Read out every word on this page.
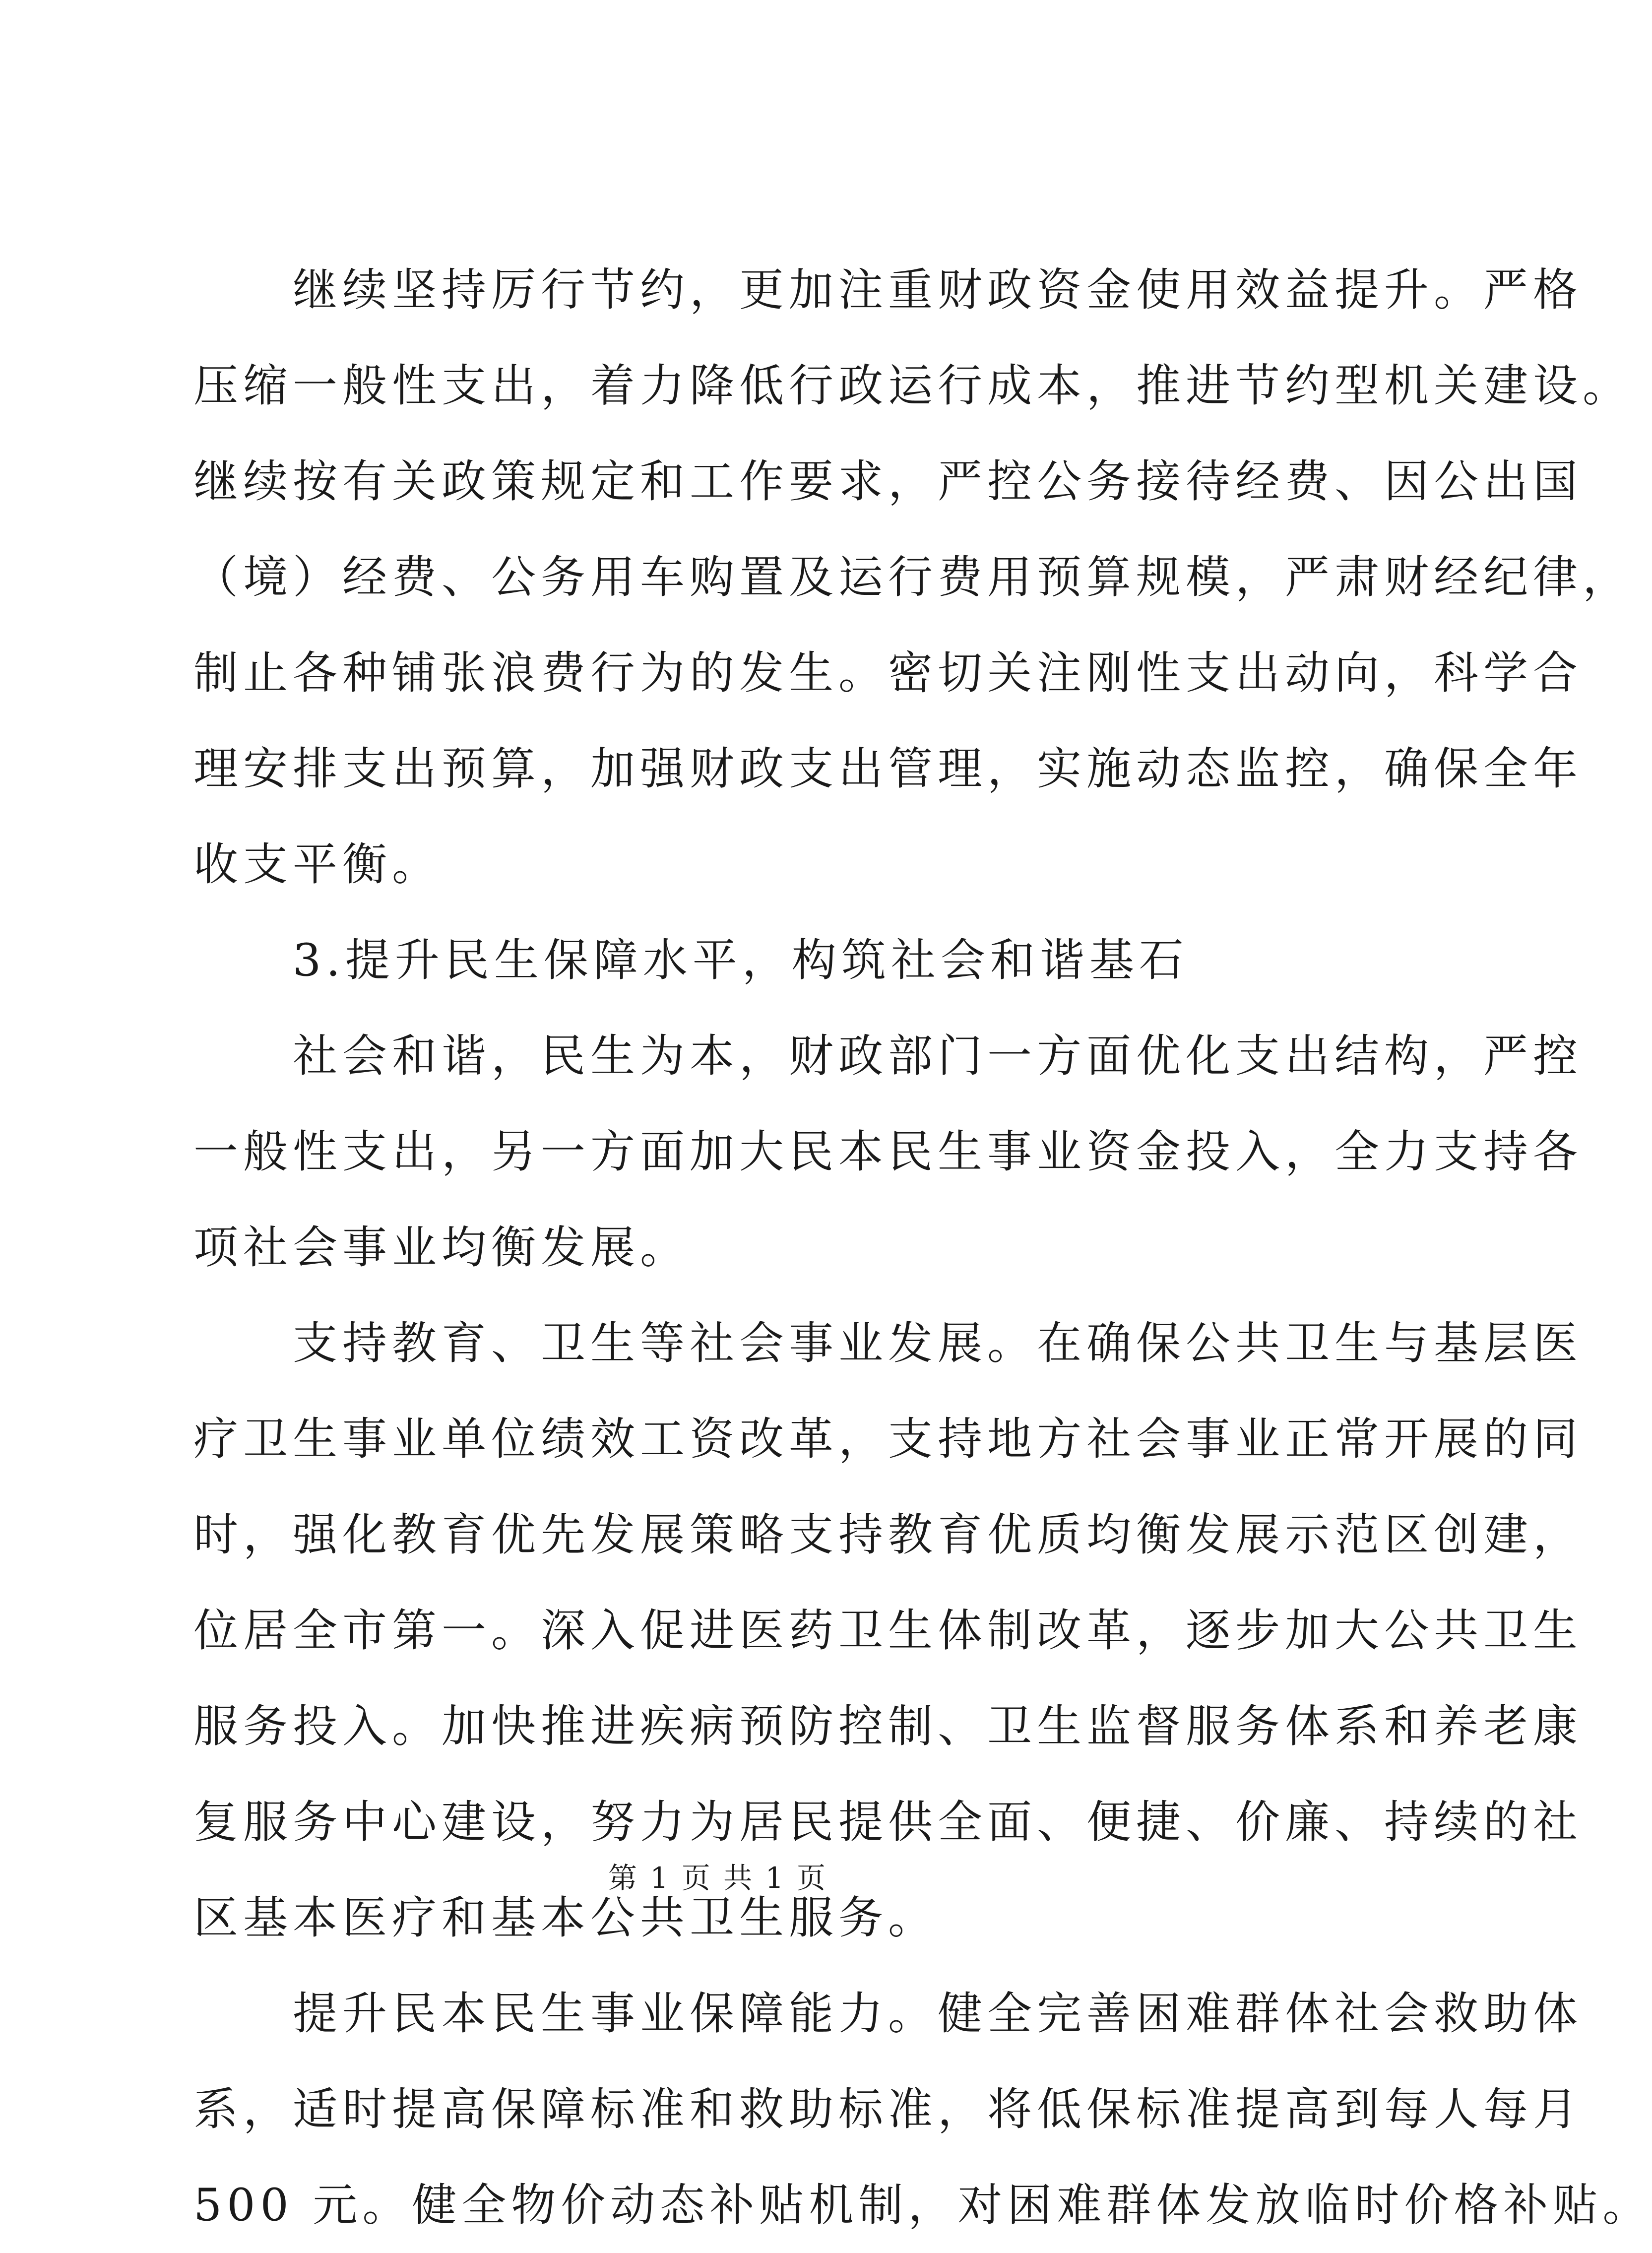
　　继续坚持厉行节约，更加注重财政资金使用效益提升。严格
压缩一般性支出，着力降低行政运行成本，推进节约型机关建设。
继续按有关政策规定和工作要求，严控公务接待经费、因公出国
（境）经费、公务用车购置及运行费用预算规模，严肃财经纪律，
制止各种铺张浪费行为的发生。密切关注刚性支出动向，科学合
理安排支出预算，加强财政支出管理，实施动态监控，确保全年
收支平衡。
　　3.提升民生保障水平，构筑社会和谐基石
　　社会和谐，民生为本，财政部门一方面优化支出结构，严控
一般性支出，另一方面加大民本民生事业资金投入，全力支持各
项社会事业均衡发展。
　　支持教育、卫生等社会事业发展。在确保公共卫生与基层医
疗卫生事业单位绩效工资改革，支持地方社会事业正常开展的同
时，强化教育优先发展策略支持教育优质均衡发展示范区创建，
位居全市第一。深入促进医药卫生体制改革，逐步加大公共卫生
服务投入。加快推进疾病预防控制、卫生监督服务体系和养老康
复服务中心建设，努力为居民提供全面、便捷、价廉、持续的社
区基本医疗和基本公共卫生服务。
　　提升民本民生事业保障能力。健全完善困难群体社会救助体
系，适时提高保障标准和救助标准，将低保标准提高到每人每月
500 元。健全物价动态补贴机制，对困难群体发放临时价格补贴。
第 1 页 共 1 页
